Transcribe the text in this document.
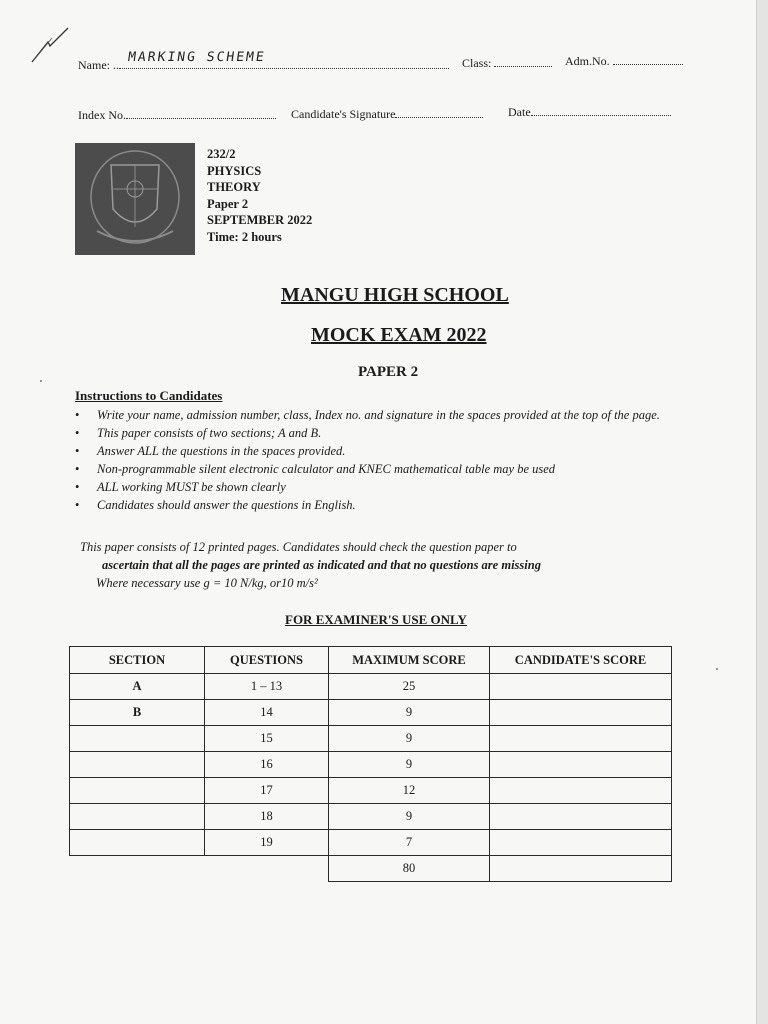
Name: .. MARKING SCHEME	Class:	Adm.No.
Index No.	Candidate's Signature	Date
232/2
PHYSICS
THEORY
Paper 2
SEPTEMBER 2022
Time: 2 hours
MANGU HIGH SCHOOL
MOCK EXAM 2022
PAPER 2
Instructions to Candidates
• Write your name, admission number, class, Index no. and signature in the spaces provided at the top of the page.
• This paper consists of two sections; A and B.
• Answer ALL the questions in the spaces provided.
• Non-programmable silent electronic calculator and KNEC mathematical table may be used
• ALL working MUST be shown clearly
• Candidates should answer the questions in English.
This paper consists of 12 printed pages. Candidates should check the question paper to
ascertain that all the pages are printed as indicated and that no questions are missing
Where necessary use g = 10 N/kg, or10 m/s²
FOR EXAMINER'S USE ONLY
SECTION	QUESTIONS	MAXIMUM SCORE	CANDIDATE'S SCORE
A	1 – 13	25	
B	14	9	
	15	9	
	16	9	
	17	12	
	18	9	
	19	7	
		80	
